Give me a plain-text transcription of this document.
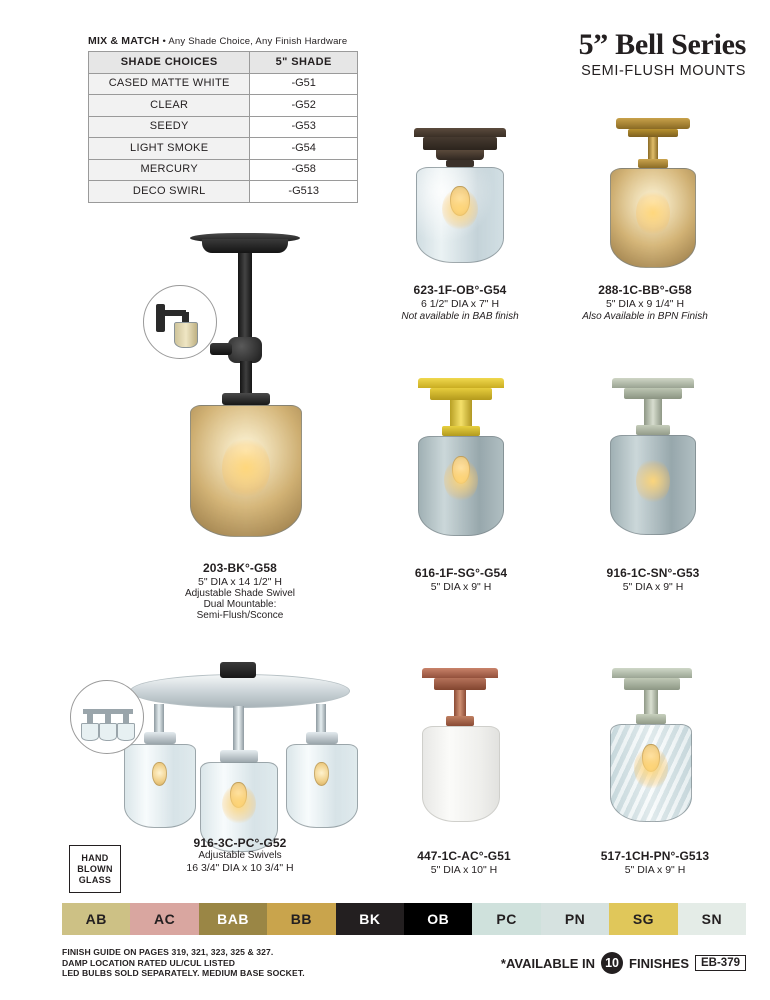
MIX & MATCH • Any Shade Choice, Any Finish Hardware
SHADE CHOICES	5" SHADE
CASED MATTE WHITE	-G51
CLEAR	-G52
SEEDY	-G53
LIGHT SMOKE	-G54
MERCURY	-G58
DECO SWIRL	-G513
5” Bell Series
SEMI-FLUSH MOUNTS
623-1F-OB°-G54
6 1/2" DIA x 7" H
Not available in BAB finish
288-1C-BB°-G58
5" DIA x 9 1/4" H
Also Available in BPN Finish
203-BK°-G58
5" DIA x 14 1/2" H
Adjustable Shade Swivel
Dual Mountable:
Semi-Flush/Sconce
616-1F-SG°-G54
5" DIA x 9" H
916-1C-SN°-G53
5" DIA x 9" H
916-3C-PC°-G52
Adjustable Swivels
16 3/4" DIA x 10 3/4" H
447-1C-AC°-G51
5" DIA x 10" H
517-1CH-PN°-G513
5" DIA x 9" H
HAND
BLOWN
GLASS
AB	AC	BAB	BB	BK	OB	PC	PN	SG	SN
FINISH GUIDE ON PAGES 319, 321, 323, 325 & 327.
DAMP LOCATION RATED UL/CUL LISTED
LED BULBS SOLD SEPARATELY. MEDIUM BASE SOCKET.
*AVAILABLE IN 10 FINISHES	EB-379
